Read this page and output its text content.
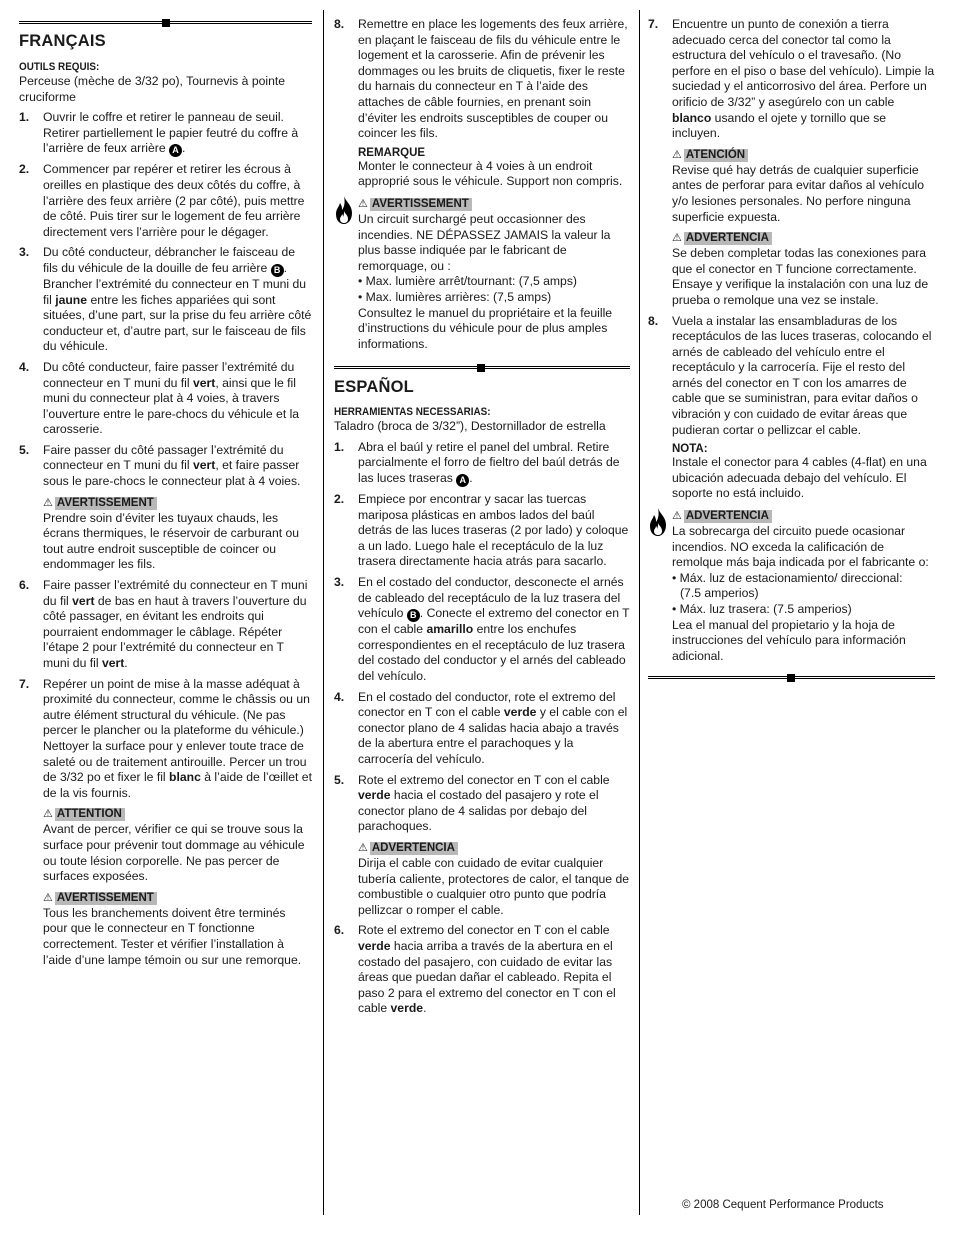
FRANÇAIS
OUTILS REQUIS:

Perceuse (mèche de 3/32 po), Tournevis à pointe cruciforme

1.	Ouvrir le coffre et retirer le panneau de seuil. Retirer partiellement le papier feutré du coffre à l’arrière de feux arrière A .
2.	Commencer par repérer et retirer les écrous à oreilles en plastique des deux côtés du coffre, à l’arrière des feux arrière (2 par côté), puis mettre de côté. Puis tirer sur le logement de feu arrière directement vers l’arrière pour le dégager.
3.	Du côté conducteur, débrancher le faisceau de fils du véhicule de la douille de feu arrière B . Brancher l’extrémité du connecteur en T muni du fil jaune entre les fiches appariées qui sont situées, d’une part, sur la prise du feu arrière côté conducteur et, d’autre part, sur le faisceau de fils du véhicule.
4.	Du côté conducteur, faire passer l’extrémité du connecteur en T muni du fil vert, ainsi que le fil muni du connecteur plat à 4 voies, à travers l’ouverture entre le pare-chocs du véhicule et la carosserie.
5.	Faire passer du côté passager l’extrémité du connecteur en T muni du fil vert, et faire passer sous le pare-chocs le connecteur plat à 4 voies.
⚠ AVERTISSEMENT

Prendre soin d’éviter les tuyaux chauds, les écrans thermiques, le réservoir de carburant ou tout autre endroit susceptible de coincer ou endommager les fils.

6.	Faire passer l’extrémité du connecteur en T muni du fil vert de bas en haut à travers l’ouverture du côté passager, en évitant les endroits qui pourraient endommager le câblage. Répéter l’étape 2 pour l’extrémité du connecteur en T muni du fil vert.
7.	Repérer un point de mise à la masse adéquat à proximité du connecteur, comme le châssis ou un autre élément structural du véhicule. (Ne pas percer le plancher ou la plateforme du véhicule.) Nettoyer la surface pour y enlever toute trace de saleté ou de traitement antirouille. Percer un trou de 3/32 po et fixer le fil blanc à l’aide de l’œillet et de la vis fournis.
⚠ ATTENTION

Avant de percer, vérifier ce qui se trouve sous la surface pour prévenir tout dommage au véhicule ou toute lésion corporelle. Ne pas percer de surfaces exposées.

⚠ AVERTISSEMENT

Tous les branchements doivent être terminés pour que le connecteur en T fonctionne correctement. Tester et vérifier l’installation à l’aide d’une lampe témoin ou sur une remorque.

8.	Remettre en place les logements des feux arrière, en plaçant le faisceau de fils du véhicule entre le logement et la carosserie. Afin de prévenir les dommages ou les bruits de cliquetis, fixer le reste du harnais du connecteur en T à l’aide des attaches de câble fournies, en prenant soin d’éviter les endroits susceptibles de couper ou coincer les fils.
REMARQUE

Monter le connecteur à 4 voies à un endroit approprié sous le véhicule. Support non compris.

⚠ AVERTISSEMENT

Un circuit surchargé peut occasionner des incendies. NE DÉPASSEZ JAMAIS la valeur la plus basse indiquée par le fabricant de remorquage, ou :

• Max. lumière arrêt/tournant: (7,5 amps)

• Max. lumières arrières: (7,5 amps)

Consultez le manuel du propriétaire et la feuille d’instructions du véhicule pour de plus amples informations.

ESPAÑOL
HERRAMIENTAS NECESSARIAS:

Taladro (broca de 3/32”), Destornillador de estrella

1.	Abra el baúl y retire el panel del umbral. Retire parcialmente el forro de fieltro del baúl detrás de las luces traseras A .
2.	Empiece por encontrar y sacar las tuercas mariposa plásticas en ambos lados del baúl detrás de las luces traseras (2 por lado) y coloque a un lado. Luego hale el receptáculo de la luz trasera directamente hacia atrás para sacarlo.
3.	En el costado del conductor, desconecte el arnés de cableado del receptáculo de la luz trasera del vehículo B . Conecte el extremo del conector en T con el cable amarillo entre los enchufes correspondientes en el receptáculo de luz trasera del costado del conductor y el arnés del cableado del vehículo.
4.	En el costado del conductor, rote el extremo del conector en T con el cable verde y el cable con el conector plano de 4 salidas hacia abajo a través de la abertura entre el parachoques y la carrocería del vehículo.
5.	Rote el extremo del conector en T con el cable verde hacia el costado del pasajero y rote el conector plano de 4 salidas por debajo del parachoques.
⚠ ADVERTENCIA

Dirija el cable con cuidado de evitar cualquier tubería caliente, protectores de calor, el tanque de combustible o cualquier otro punto que podría pellizcar o romper el cable.

6.	Rote el extremo del conector en T con el cable verde hacia arriba a través de la abertura en el costado del pasajero, con cuidado de evitar las áreas que puedan dañar el cableado. Repita el paso 2 para el extremo del conector en T con el cable verde.
7.	Encuentre un punto de conexión a tierra adecuado cerca del conector tal como la estructura del vehículo o el travesaño. (No perfore en el piso o base del vehículo). Limpie la suciedad y el anticorrosivo del área. Perfore un orificio de 3/32” y asegúrelo con un cable blanco usando el ojete y tornillo que se incluyen.
⚠ ATENCIÓN

Revise qué hay detrás de cualquier superficie antes de perforar para evitar daños al vehículo y/o lesiones personales. No perfore ninguna superficie expuesta.

⚠ ADVERTENCIA

Se deben completar todas las conexiones para que el conector en T funcione correctamente. Ensaye y verifique la instalación con una luz de prueba o remolque una vez se instale.

8.	Vuela a instalar las ensambladuras de los receptáculos de las luces traseras, colocando el arnés de cableado del vehículo entre el receptáculo y la carrocería. Fije el resto del arnés del conector en T con los amarres de cable que se suministran, para evitar daños o vibración y con cuidado de evitar áreas que pudieran cortar o pellizcar el cable.
NOTA:

Instale el conector para 4 cables (4-flat) en una ubicación adecuada debajo del vehículo. El soporte no está incluido.

⚠ ADVERTENCIA

La sobrecarga del circuito puede ocasionar incendios. NO exceda la calificación de remolque más baja indicada por el fabricante o:

• Máx. luz de estacionamiento/ direccional:

(7.5 amperios)

• Máx. luz trasera: (7.5 amperios)

Lea el manual del propietario y la hoja de instrucciones del vehículo para información adicional.

© 2008 Cequent Performance Products
